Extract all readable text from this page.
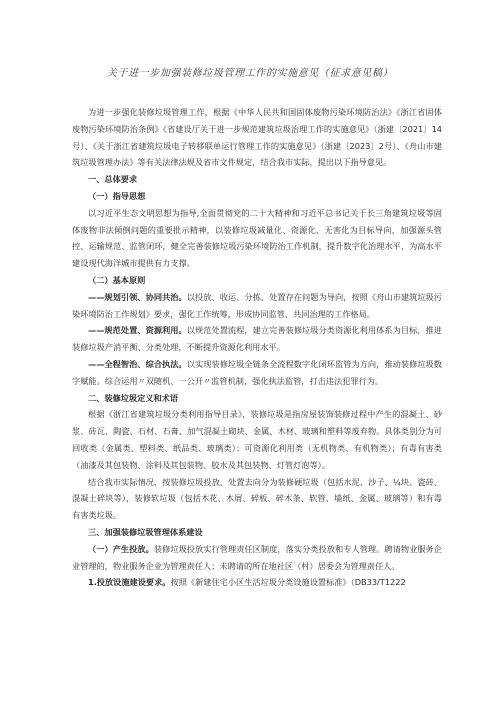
关于进一步加强装修垃圾管理工作的实施意见（征求意见稿）

为进一步强化装修垃圾管理工作，根据《中华人民共和国固体废物污染环境防治法》《浙江省固体废物污染环境防治条例》《省建设厅关于进一步规范建筑垃圾治理工作的实施意见》（浙建〔2021〕14号）、《关于浙江省建筑垃圾电子转移联单运行管理工作的实施意见》（浙建〔2023〕2号）、《舟山市建筑垃圾管理办法》等有关法律法规及省市文件规定，结合我市实际，提出以下指导意见。

一、总体要求

（一）指导思想

以习近平生态文明思想为指导,全面贯彻党的二十大精神和习近平总书记关于长三角建筑垃圾等固体废物非法倾倒问题的重要批示精神，以装修垃圾减量化、资源化、无害化为目标导向，加强源头管控、运输规范、监管闭环，健全完善装修垃圾污染环境防治工作机制，提升数字化治理水平，为高水平建设现代海洋城市提供有力支撑。

（二）基本原则

——规划引领、协同共治。以投放、收运、分拣、处置存在问题为导向，按照《舟山市建筑垃圾污染环境防治工作规划》要求，强化工作统筹，形成协同监管，共同治理的工作格局。

——规范处置、资源利用。以规范处置流程，建立完善装修垃圾分类资源化利用体系为目标，推进装修垃圾产消平衡、分类处理，不断提升资源化利用水平。

——全程智治、综合执法。以实现装修垃圾全链条全流程数字化闭环监管为方向，推动装修垃圾数字赋能。综合运用〃双随机、一公开〃监管机制，强化执法监管，打击违法犯罪行为。

二、装修垃圾定义和术语

根据《浙江省建筑垃圾分类利用指导目录》，装修垃圾是指房屋装饰装修过程中产生的混凝土、砂浆、砖瓦、陶瓷、石材、石膏、加气混凝土砌块、金属、木材、玻璃和塑料等废弃物。具体类别分为可回收类（金属类、塑料类、纸品类、玻璃类）；可资源化利用类（无机物类、有机物类）；有毒有害类（油漆及其包装物、涂料及其包装物、胶水及其包装物、灯管灯泡等）。

结合我市实际情况，按装修垃圾投放、处置去向分为装修硬垃圾（包括水泥、沙子、¼块、瓷砖、混凝土碎块等），装修软垃圾（包括木花、木屑、碎板、碎木条、软管、墙纸、金属、玻璃等）和有毒有害类垃圾。

三、加强装修垃圾管理体系建设

（一）产生投放。装修垃圾投放实行管理责任区制度，落实分类投放和专人管理。聘请物业服务企业管理的，物业服务企业为管理责任人；未聘请的所在地社区（村）居委会为管理责任人。

1.投放设施建设要求。按照《新建住宅小区生活垃圾分类设施设置标准》（DB33/T1222
